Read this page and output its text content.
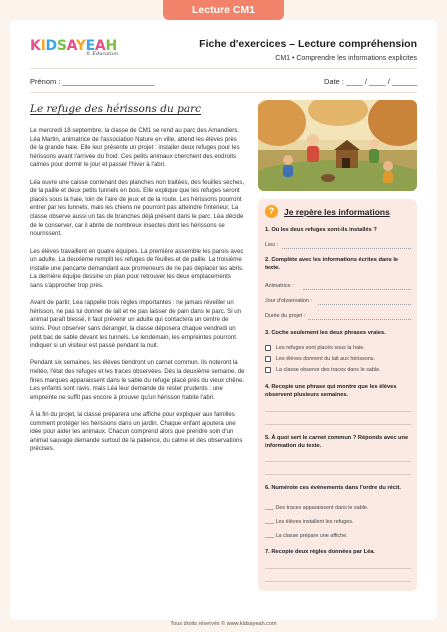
Lecture CM1
KIDSAYEAH
© Education
Fiche d'exercices – Lecture compréhension
CM1 • Comprendre les informations explicites
Prénom : ______________________	Date : ____ / ____ / ______
Le refuge des hérissons du parc

Le mercredi 18 septembre, la classe de CM1 se rend au parc des Amandiers. Léa Martin, animatrice de l'association Nature en ville, attend les élèves près de la grande haie. Elle leur présente un projet : installer deux refuges pour les hérissons avant l'arrivée du froid. Ces petits animaux cherchent des endroits calmes pour dormir le jour et passer l'hiver à l'abri.

Léa ouvre une caisse contenant des planches non traitées, des feuilles sèches, de la paille et deux petits tunnels en bois. Elle explique que les refuges seront placés sous la haie, loin de l'aire de jeux et de la route. Les hérissons pourront entrer par les tunnels, mais les chiens ne pourront pas atteindre l'intérieur. La classe observe aussi un tas de branches déjà présent dans le parc. Léa décide de le conserver, car il abrite de nombreux insectes dont les hérissons se nourrissent.

Les élèves travaillent en quatre équipes. La première assemble les parois avec un adulte. La deuxième remplit les refuges de feuilles et de paille. La troisième installe une pancarte demandant aux promeneurs de ne pas déplacer les abris. La dernière équipe dessine un plan pour retrouver les deux emplacements sans s'approcher trop près.

Avant de partir, Léa rappelle trois règles importantes : ne jamais réveiller un hérisson, ne pas lui donner de lait et ne pas laisser de pain dans le parc. Si un animal paraît blessé, il faut prévenir un adulte qui contactera un centre de soins. Pour observer sans déranger, la classe déposera chaque vendredi un petit bac de sable devant les tunnels. Le lendemain, les empreintes pourront indiquer si un visiteur est passé pendant la nuit.

Pendant six semaines, les élèves tiendront un carnet commun. Ils noteront la météo, l'état des refuges et les traces observées. Dès la deuxième semaine, de fines marques apparaissent dans le sable du refuge placé près du vieux chêne. Les enfants sont ravis, mais Léa leur demande de rester prudents : une empreinte ne suffit pas encore à prouver qu'un hérisson habite l'abri.

À la fin du projet, la classe préparera une affiche pour expliquer aux familles comment protéger les hérissons dans un jardin. Chaque enfant ajoutera une idée pour aider les animaux. Chacun comprend alors que prendre soin d'un animal sauvage demande surtout de la patience, du calme et des observations précises.

?	Je repère les informations
1. Où les deux refuges sont-ils installés ?
Lieu :
2. Complète avec les informations écrites dans le texte.
Animatrice :
Jour d'observation :
Durée du projet :
3. Coche seulement les deux phrases vraies.
Les refuges sont placés sous la haie.
Les élèves donnent du lait aux hérissons.
La classe observe des traces dans le sable.
4. Recopie une phrase qui montre que les élèves observent plusieurs semaines.
5. À quoi sert le carnet commun ? Réponds avec une information du texte.
6. Numérote ces événements dans l'ordre du récit.
___ Des traces apparaissent dans le sable.
___ Les élèves installent les refuges.
___ La classe prépare une affiche.
7. Recopie deux règles données par Léa.
Tous droits réservés © www.kidsayeah.com
